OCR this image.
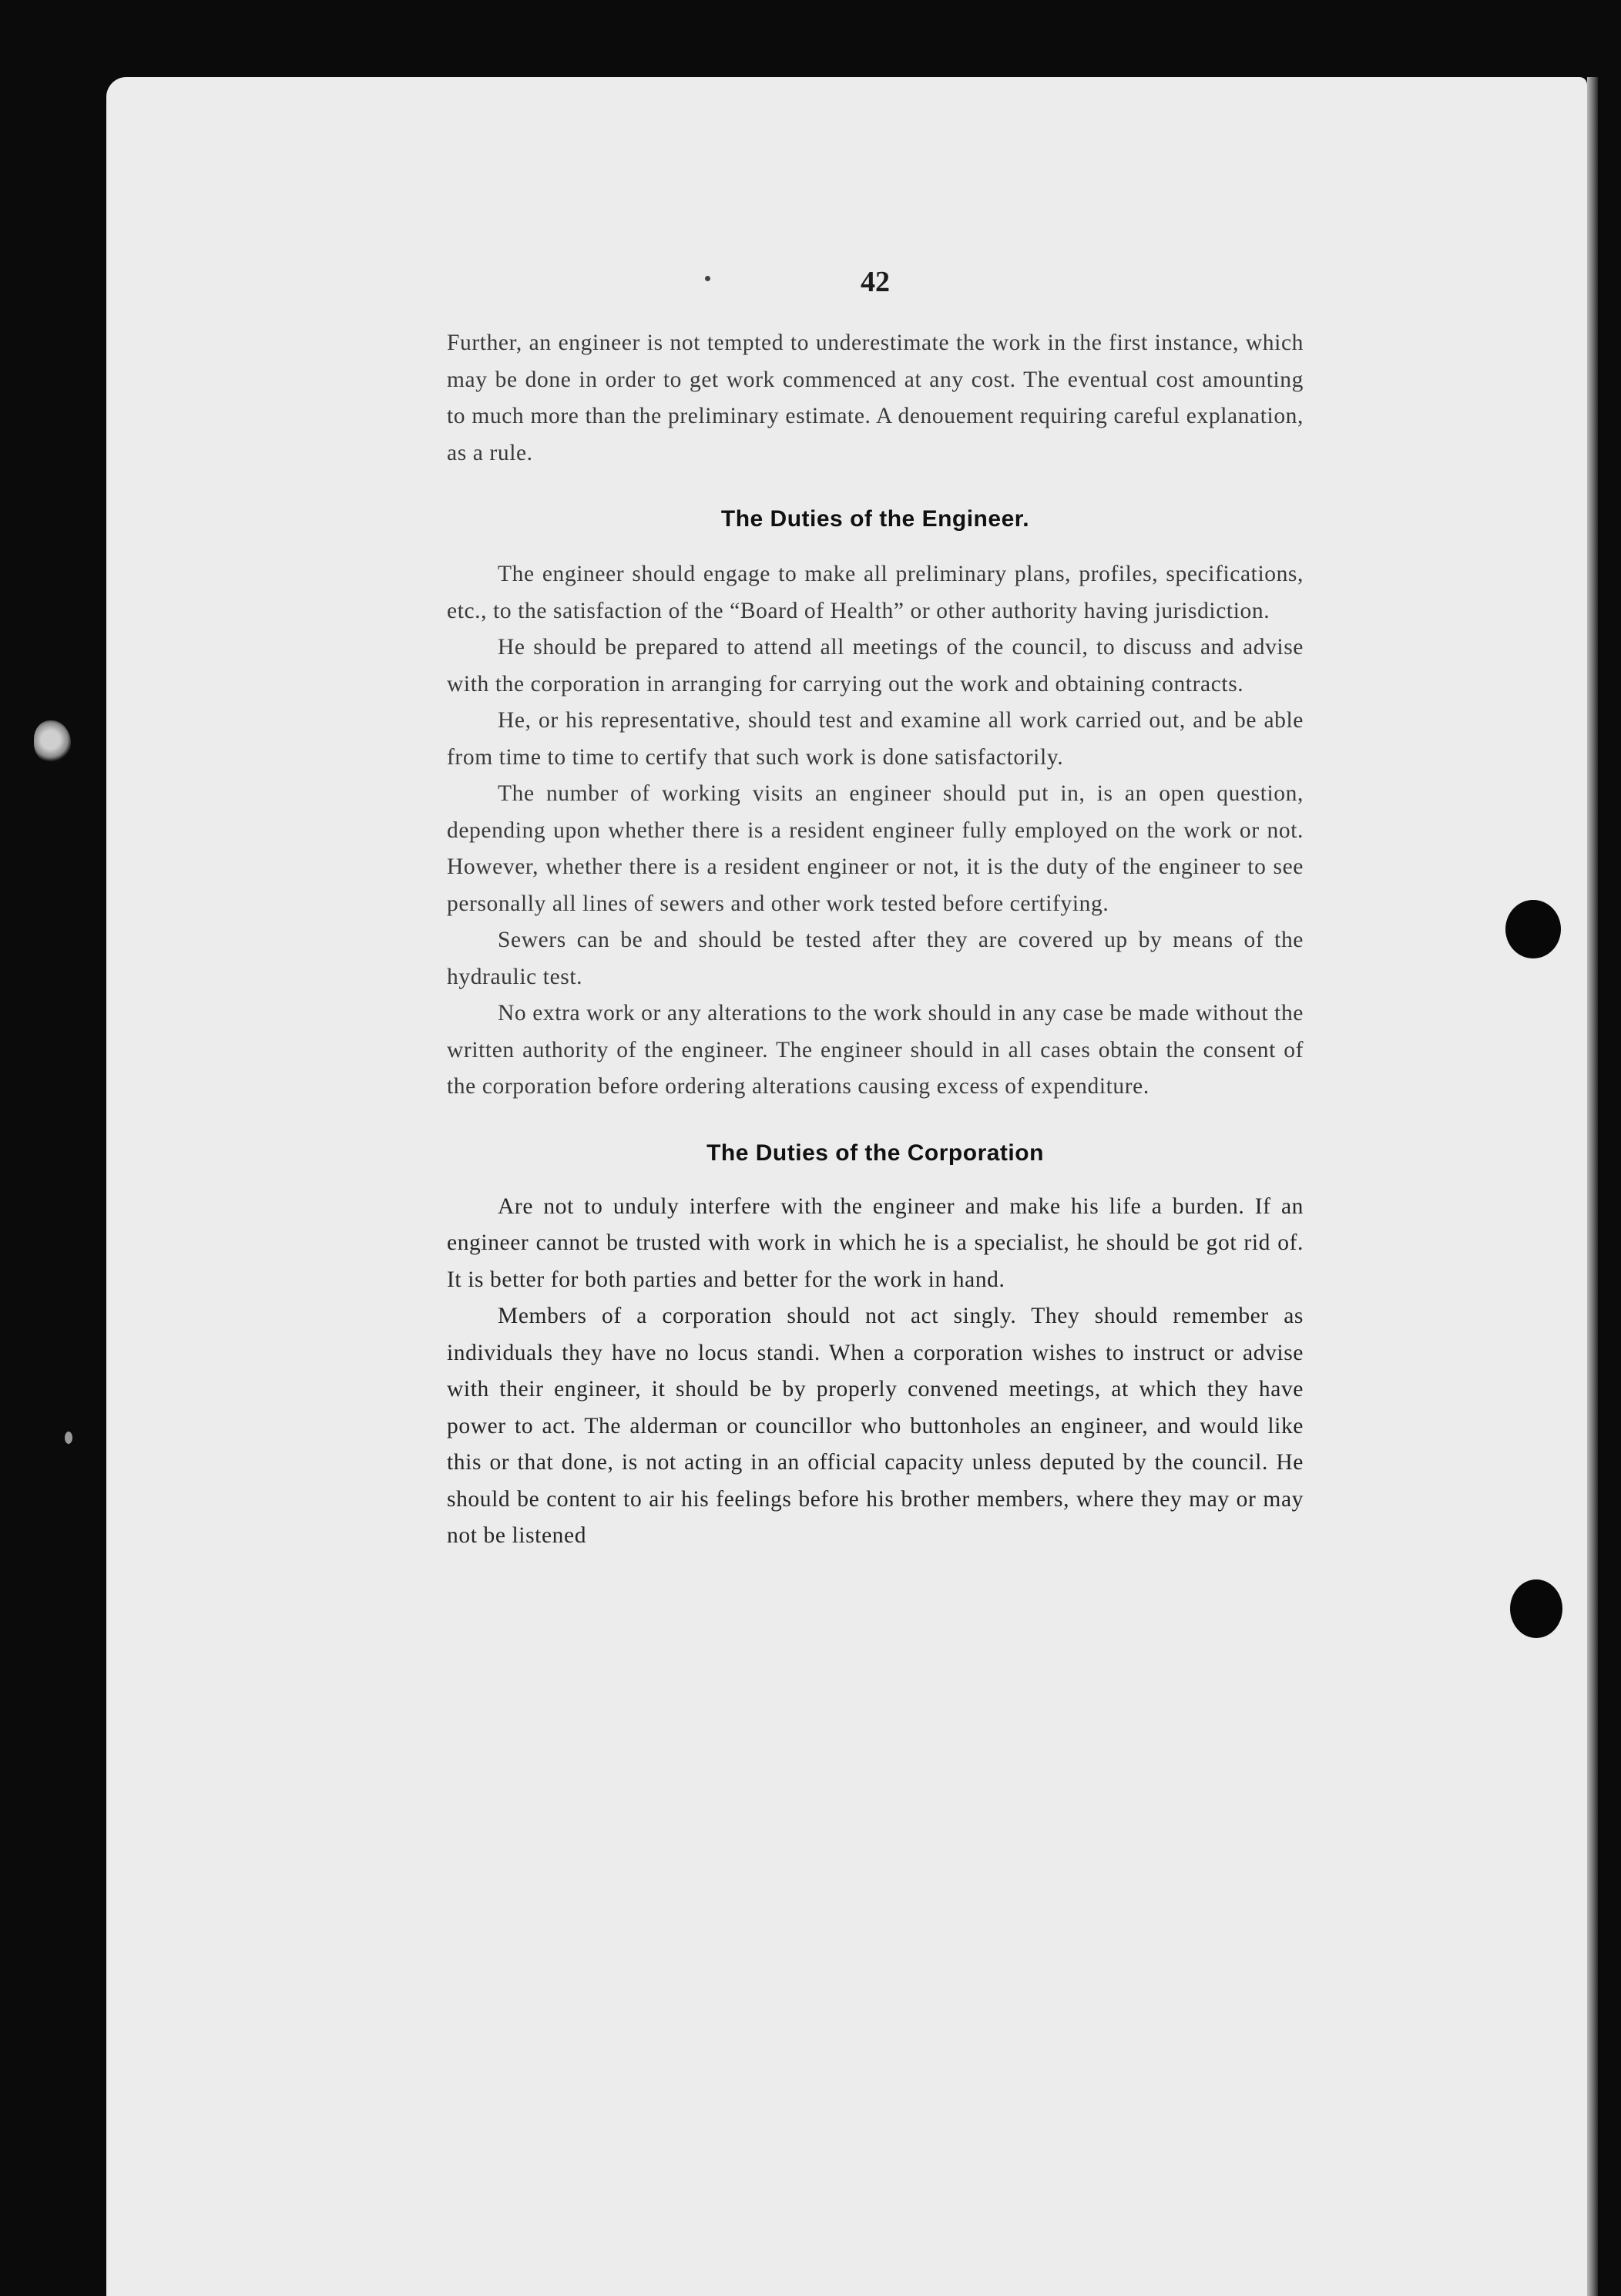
42

Further, an engineer is not tempted to underestimate the work in the first instance, which may be done in order to get work commenced at any cost. The eventual cost amounting to much more than the preliminary estimate. A denouement requiring careful explanation, as a rule.

The Duties of the Engineer.

The engineer should engage to make all preliminary plans, profiles, specifications, etc., to the satisfaction of the “Board of Health” or other authority having jurisdiction.

He should be prepared to attend all meetings of the council, to discuss and advise with the corporation in arranging for carrying out the work and obtaining contracts.

He, or his representative, should test and examine all work carried out, and be able from time to time to certify that such work is done satisfactorily.

The number of working visits an engineer should put in, is an open question, depending upon whether there is a resident engineer fully employed on the work or not. However, whether there is a resident engineer or not, it is the duty of the engineer to see personally all lines of sewers and other work tested before certifying.

Sewers can be and should be tested after they are covered up by means of the hydraulic test.

No extra work or any alterations to the work should in any case be made without the written authority of the engineer. The engineer should in all cases obtain the consent of the corporation before ordering alterations causing excess of expenditure.

The Duties of the Corporation

Are not to unduly interfere with the engineer and make his life a burden. If an engineer cannot be trusted with work in which he is a specialist, he should be got rid of. It is better for both parties and better for the work in hand.

Members of a corporation should not act singly. They should remember as individuals they have no locus standi. When a corporation wishes to instruct or advise with their engineer, it should be by properly convened meetings, at which they have power to act. The alderman or councillor who buttonholes an engineer, and would like this or that done, is not acting in an official capacity unless deputed by the council. He should be content to air his feelings before his brother members, where they may or may not be listened
